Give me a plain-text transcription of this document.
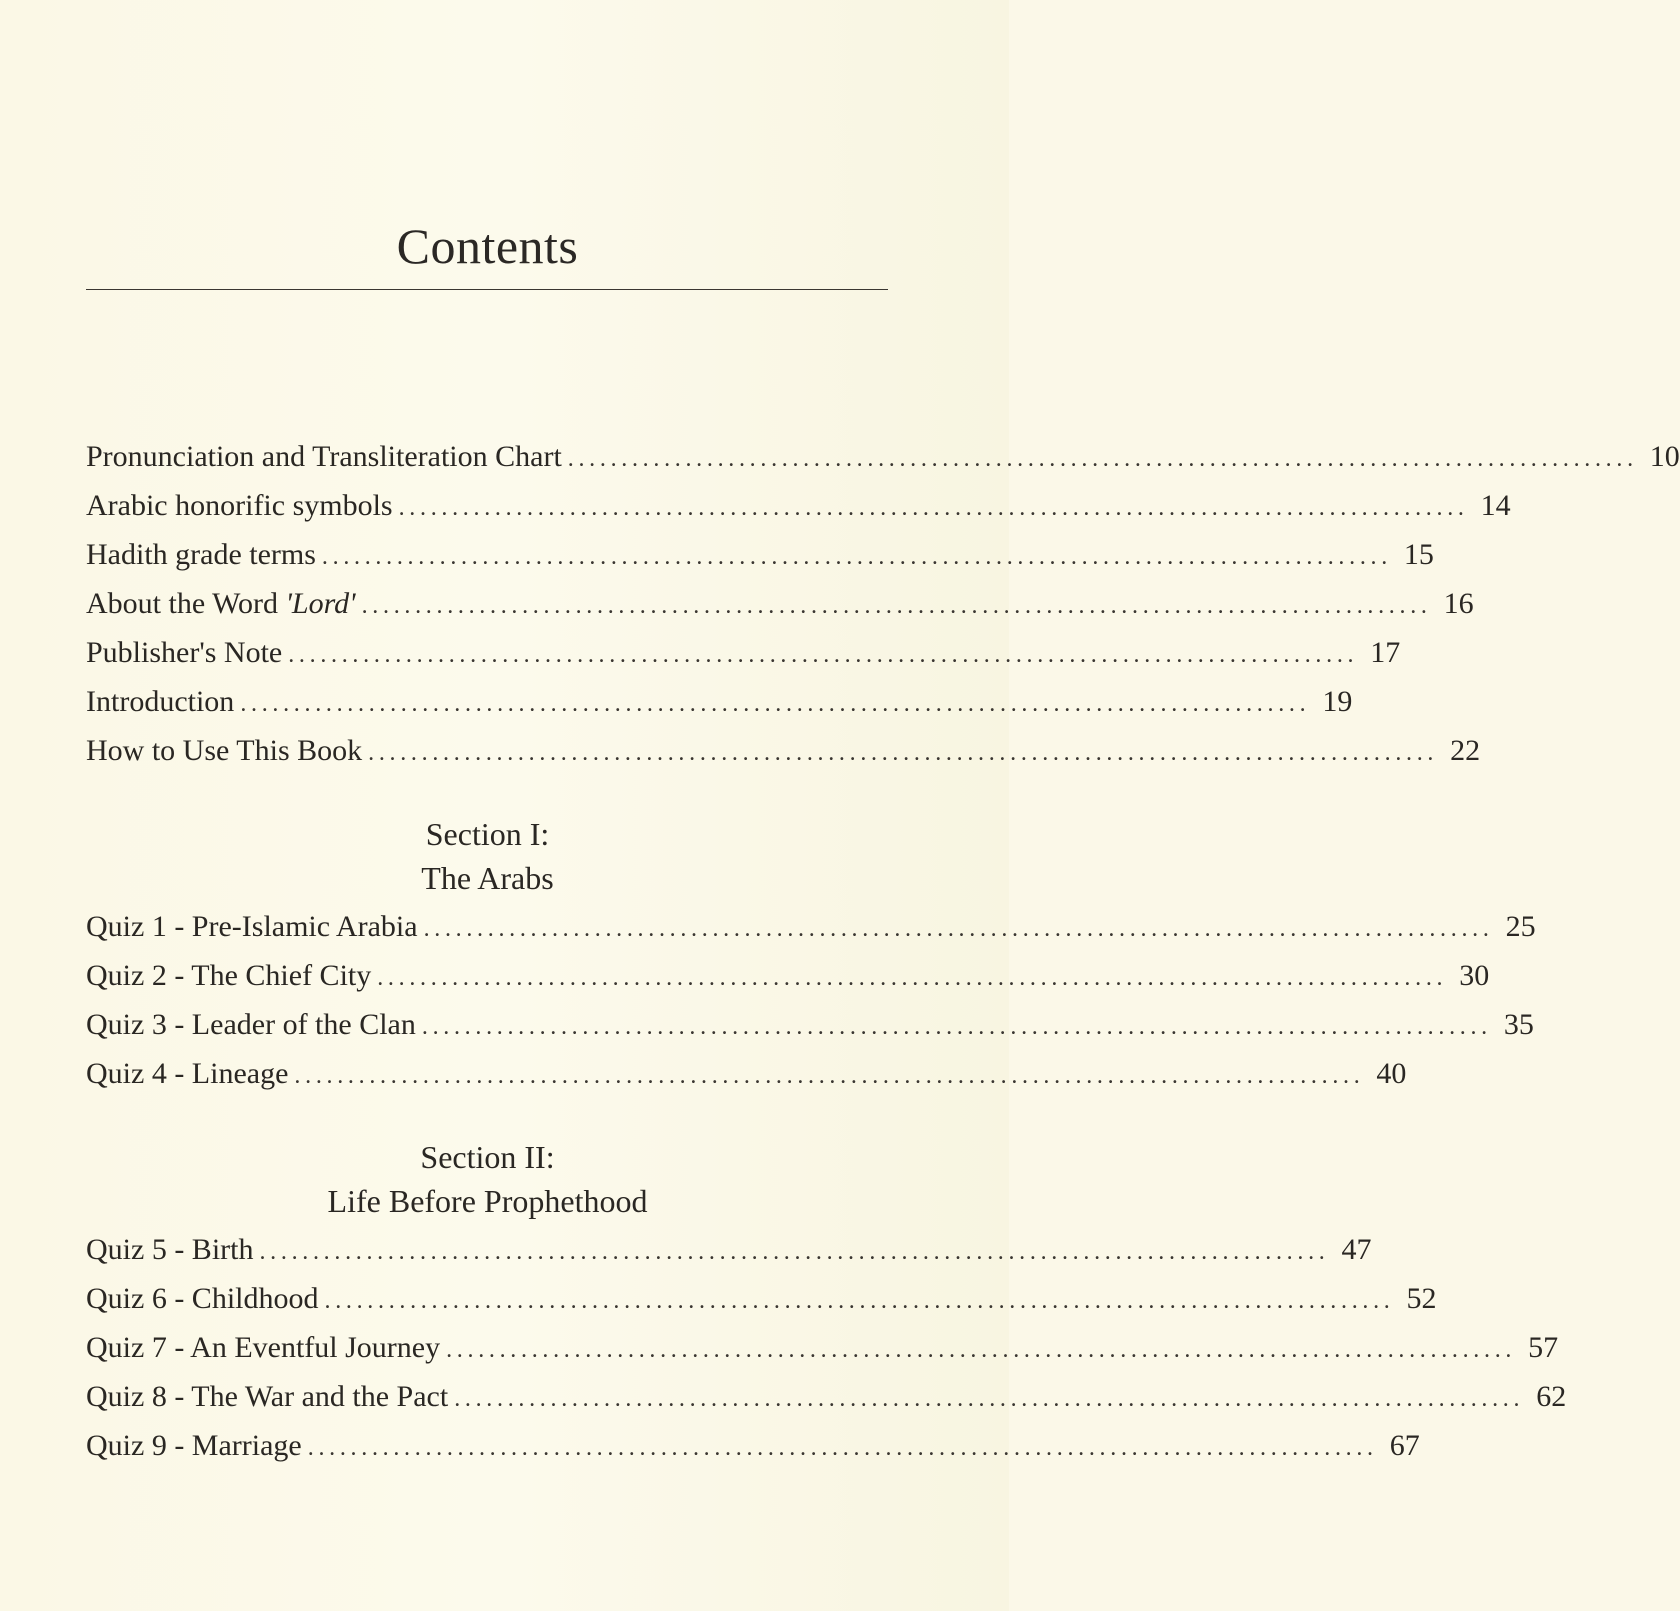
Contents
Pronunciation and Transliteration Chart .................................................................................................... 10
Arabic honorific symbols .................................................................................................... 14
Hadith grade terms .................................................................................................... 15
About the Word 'Lord' .................................................................................................... 16
Publisher's Note .................................................................................................... 17
Introduction .................................................................................................... 19
How to Use This Book .................................................................................................... 22
Section I:
The Arabs
Quiz 1 - Pre-Islamic Arabia .................................................................................................... 25
Quiz 2 - The Chief City .................................................................................................... 30
Quiz 3 - Leader of the Clan .................................................................................................... 35
Quiz 4 - Lineage .................................................................................................... 40
Section II:
Life Before Prophethood
Quiz 5 - Birth .................................................................................................... 47
Quiz 6 - Childhood .................................................................................................... 52
Quiz 7 - An Eventful Journey .................................................................................................... 57
Quiz 8 - The War and the Pact .................................................................................................... 62
Quiz 9 - Marriage .................................................................................................... 67
